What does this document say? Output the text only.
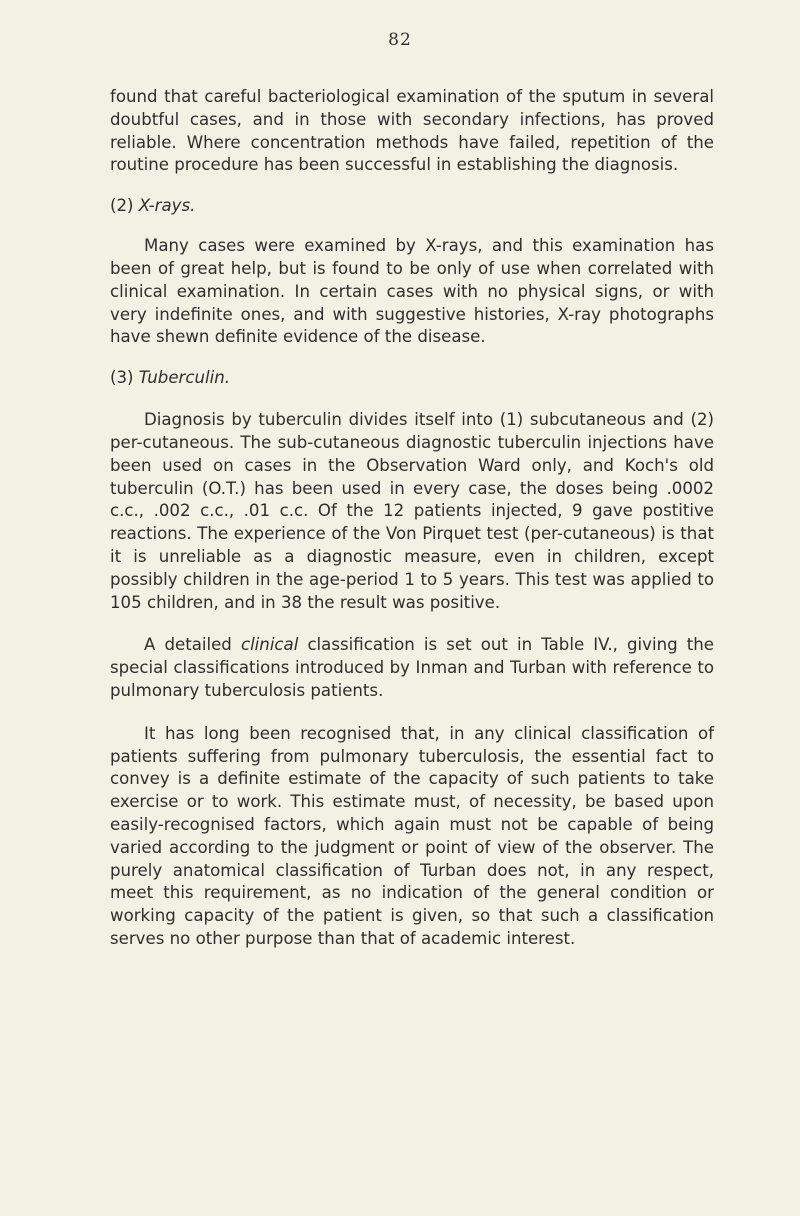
82

found that careful bacteriological examination of the sputum in several doubtful cases, and in those with secondary infections, has proved reliable. Where concentration methods have failed, repetition of the routine procedure has been successful in establishing the diagnosis.

(2) X-rays.

Many cases were examined by X-rays, and this examination has been of great help, but is found to be only of use when correlated with clinical examination. In certain cases with no physical signs, or with very indefinite ones, and with suggestive histories, X-ray photographs have shewn definite evidence of the disease.

(3) Tuberculin.

Diagnosis by tuberculin divides itself into (1) subcutaneous and (2) per-cutaneous. The sub-cutaneous diagnostic tuberculin injections have been used on cases in the Observation Ward only, and Koch's old tuberculin (O.T.) has been used in every case, the doses being .0002 c.c., .002 c.c., .01 c.c. Of the 12 patients injected, 9 gave postitive reactions. The experience of the Von Pirquet test (per-cutaneous) is that it is unreliable as a diagnostic measure, even in children, except possibly children in the age-period 1 to 5 years. This test was applied to 105 children, and in 38 the result was positive.

A detailed clinical classification is set out in Table IV., giving the special classifications introduced by Inman and Turban with reference to pulmonary tuberculosis patients.

It has long been recognised that, in any clinical classification of patients suffering from pulmonary tuberculosis, the essential fact to convey is a definite estimate of the capacity of such patients to take exercise or to work. This estimate must, of necessity, be based upon easily-recognised factors, which again must not be capable of being varied according to the judgment or point of view of the observer. The purely anatomical classification of Turban does not, in any respect, meet this requirement, as no indication of the general condition or working capacity of the patient is given, so that such a classification serves no other purpose than that of academic interest.
